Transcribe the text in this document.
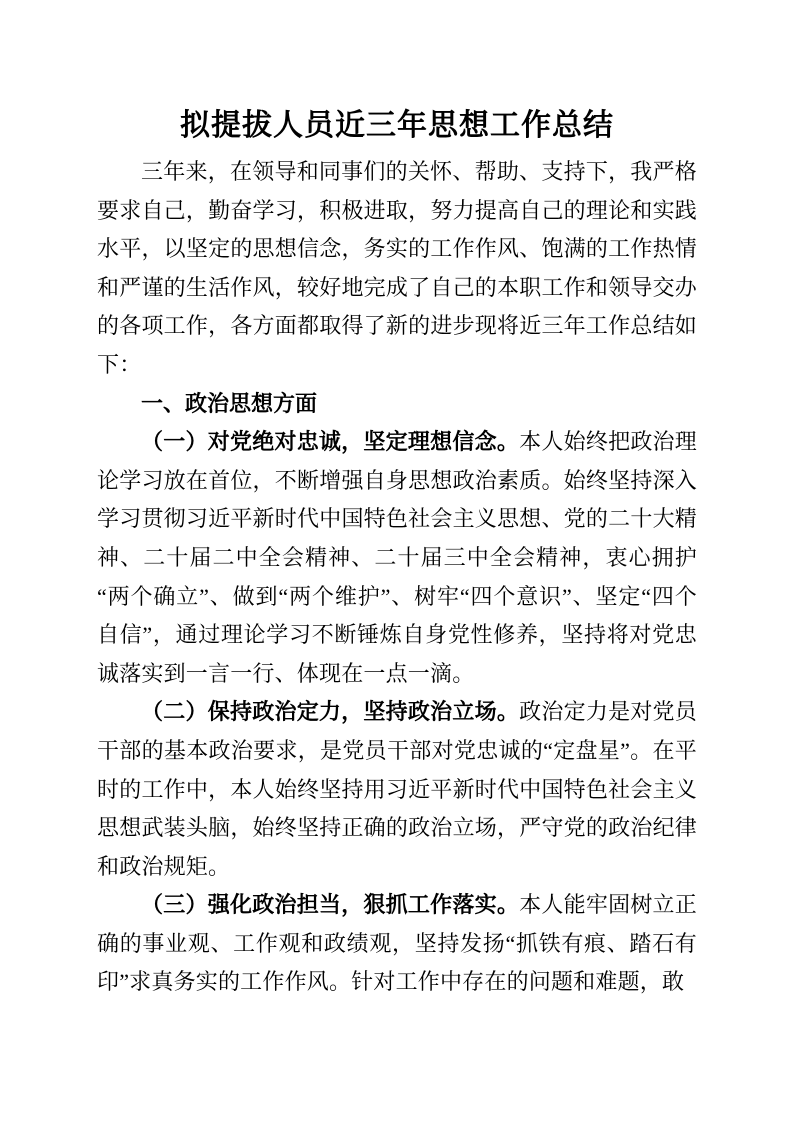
拟提拔人员近三年思想工作总结

三年来，在领导和同事们的关怀、帮助、支持下，我严格要求自己，勤奋学习，积极进取，努力提高自己的理论和实践水平，以坚定的思想信念，务实的工作作风、饱满的工作热情和严谨的生活作风，较好地完成了自己的本职工作和领导交办的各项工作，各方面都取得了新的进步现将近三年工作总结如下：

一、政治思想方面

（一）对党绝对忠诚，坚定理想信念。本人始终把政治理论学习放在首位，不断增强自身思想政治素质。始终坚持深入学习贯彻习近平新时代中国特色社会主义思想、党的二十大精神、二十届二中全会精神、二十届三中全会精神，衷心拥护“两个确立”、做到“两个维护”、树牢“四个意识”、坚定“四个自信”，通过理论学习不断锤炼自身党性修养，坚持将对党忠诚落实到一言一行、体现在一点一滴。

（二）保持政治定力，坚持政治立场。政治定力是对党员干部的基本政治要求，是党员干部对党忠诚的“定盘星”。在平时的工作中，本人始终坚持用习近平新时代中国特色社会主义思想武装头脑，始终坚持正确的政治立场，严守党的政治纪律和政治规矩。

（三）强化政治担当，狠抓工作落实。本人能牢固树立正确的事业观、工作观和政绩观，坚持发扬“抓铁有痕、踏石有印”求真务实的工作作风。针对工作中存在的问题和难题，敢
